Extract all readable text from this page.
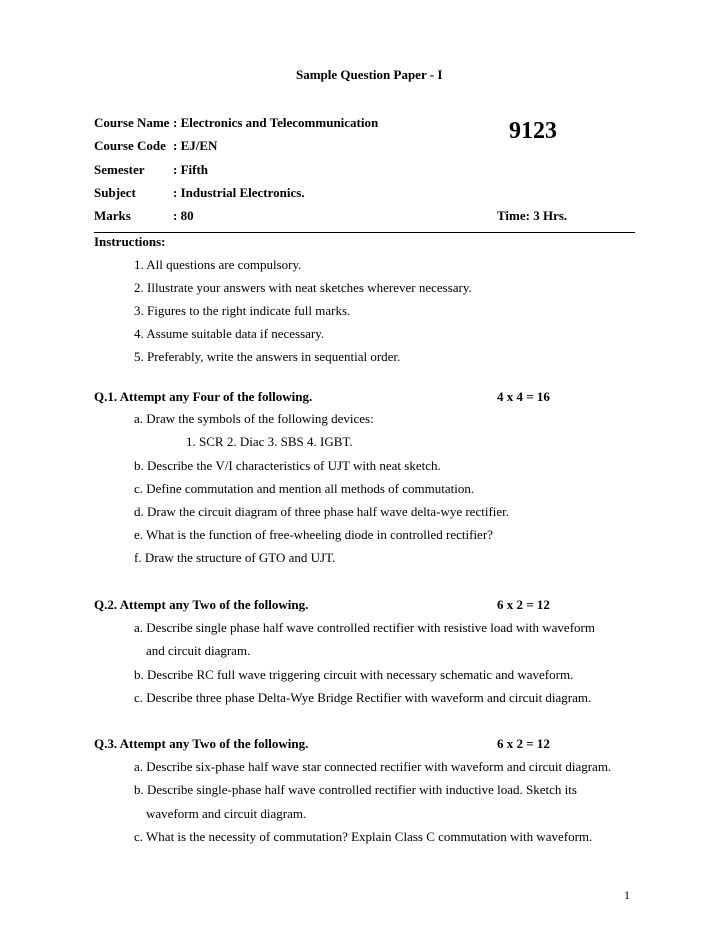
Sample Question Paper - I
Course Name : Electronics and Telecommunication
Course Code : EJ/EN
Semester : Fifth
Subject	: Industrial Electronics.
Marks	: 80
9123
Time: 3 Hrs.
Instructions:
1. All questions are compulsory.
2. Illustrate your answers with neat sketches wherever necessary.
3. Figures to the right indicate full marks.
4. Assume suitable data if necessary.
5. Preferably, write the answers in sequential order.
Q.1. Attempt any Four of the following.	4 x 4 = 16
a. Draw the symbols of the following devices:
1. SCR 2. Diac 3. SBS 4. IGBT.
b. Describe the V/I characteristics of UJT with neat sketch.
c. Define commutation and mention all methods of commutation.
d. Draw the circuit diagram of three phase half wave delta-wye rectifier.
e. What is the function of free-wheeling diode in controlled rectifier?
f. Draw the structure of GTO and UJT.
Q.2. Attempt any Two of the following.	6 x 2 = 12
a. Describe single phase half wave controlled rectifier with resistive load with waveform
and circuit diagram.
b. Describe RC full wave triggering circuit with necessary schematic and waveform.
c. Describe three phase Delta-Wye Bridge Rectifier with waveform and circuit diagram.
Q.3. Attempt any Two of the following.	6 x 2 = 12
a. Describe six-phase half wave star connected rectifier with waveform and circuit diagram.
b. Describe single-phase half wave controlled rectifier with inductive load. Sketch its
waveform and circuit diagram.
c. What is the necessity of commutation? Explain Class C commutation with waveform.
1
